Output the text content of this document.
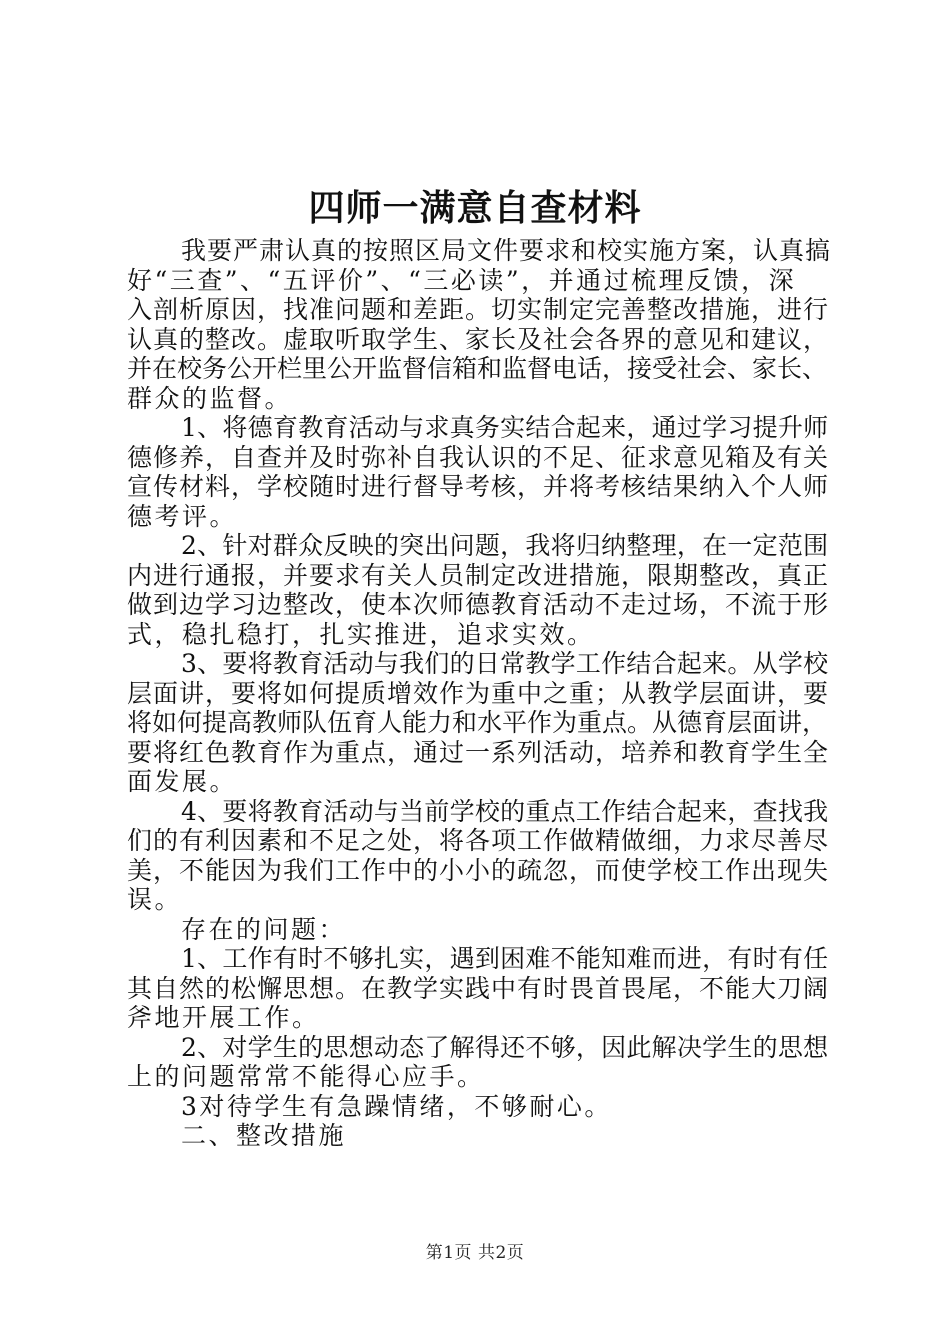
四师一满意自查材料
我要严肃认真的按照区局文件要求和校实施方案，认真搞
好“三查”、“五评价”、“三必读”，并通过梳理反馈，深
入剖析原因，找准问题和差距。切实制定完善整改措施，进行
认真的整改。虚取听取学生、家长及社会各界的意见和建议，
并在校务公开栏里公开监督信箱和监督电话，接受社会、家长、
群众的监督。
1、将德育教育活动与求真务实结合起来，通过学习提升师
德修养，自查并及时弥补自我认识的不足、征求意见箱及有关
宣传材料，学校随时进行督导考核，并将考核结果纳入个人师
德考评。
2、针对群众反映的突出问题，我将归纳整理，在一定范围
内进行通报，并要求有关人员制定改进措施，限期整改，真正
做到边学习边整改，使本次师德教育活动不走过场，不流于形
式，稳扎稳打，扎实推进，追求实效。
3、要将教育活动与我们的日常教学工作结合起来。从学校
层面讲，要将如何提质增效作为重中之重；从教学层面讲，要
将如何提高教师队伍育人能力和水平作为重点。从德育层面讲，
要将红色教育作为重点，通过一系列活动，培养和教育学生全
面发展。
4、要将教育活动与当前学校的重点工作结合起来，查找我
们的有利因素和不足之处，将各项工作做精做细，力求尽善尽
美，不能因为我们工作中的小小的疏忽，而使学校工作出现失
误。
存在的问题：
1、工作有时不够扎实，遇到困难不能知难而进，有时有任
其自然的松懈思想。在教学实践中有时畏首畏尾，不能大刀阔
斧地开展工作。
2、对学生的思想动态了解得还不够，因此解决学生的思想
上的问题常常不能得心应手。
3对待学生有急躁情绪，不够耐心。
二、整改措施
第1页 共2页
